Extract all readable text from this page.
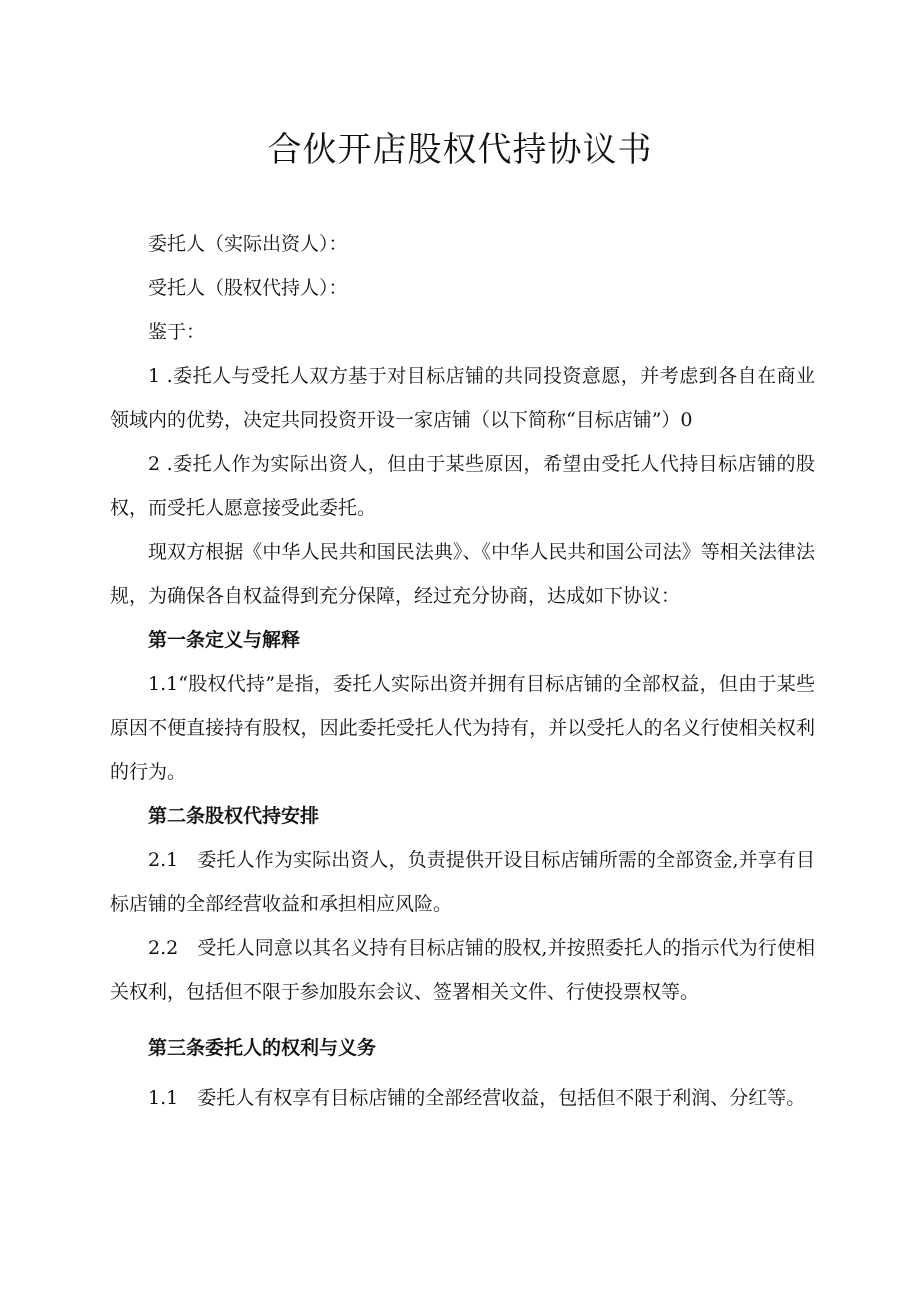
合伙开店股权代持协议书

委托人（实际出资人）：

受托人（股权代持人）：

鉴于：

1 .委托人与受托人双方基于对目标店铺的共同投资意愿，并考虑到各自在商业领域内的优势，决定共同投资开设一家店铺（以下简称“目标店铺”）0

2 .委托人作为实际出资人，但由于某些原因，希望由受托人代持目标店铺的股权，而受托人愿意接受此委托。

现双方根据《中华人民共和国民法典》、《中华人民共和国公司法》等相关法律法规，为确保各自权益得到充分保障，经过充分协商，达成如下协议：

第一条定义与解释

1.1“股权代持”是指，委托人实际出资并拥有目标店铺的全部权益，但由于某些原因不便直接持有股权，因此委托受托人代为持有，并以受托人的名义行使相关权利的行为。

第二条股权代持安排

2.1　委托人作为实际出资人，负责提供开设目标店铺所需的全部资金,并享有目标店铺的全部经营收益和承担相应风险。

2.2　受托人同意以其名义持有目标店铺的股权,并按照委托人的指示代为行使相关权利，包括但不限于参加股东会议、签署相关文件、行使投票权等。

第三条委托人的权利与义务

1.1　委托人有权享有目标店铺的全部经营收益，包括但不限于利润、分红等。
